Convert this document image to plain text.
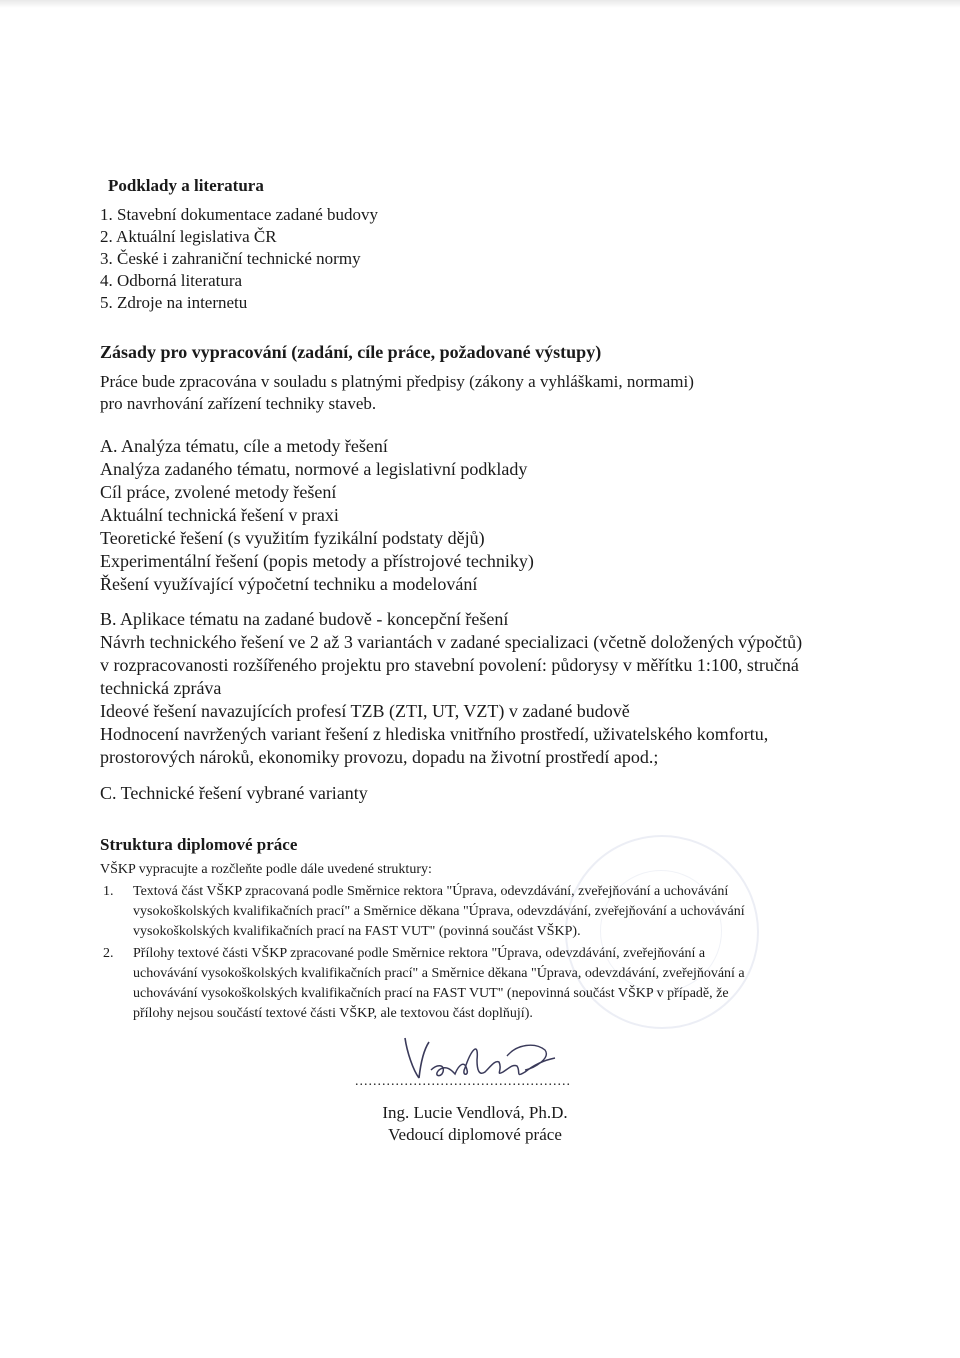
Podklady a literatura
1. Stavební dokumentace zadané budovy
2. Aktuální legislativa ČR
3. České i zahraniční technické normy
4. Odborná literatura
5. Zdroje na internetu
Zásady pro vypracování (zadání, cíle práce, požadované výstupy)
Práce bude zpracována v souladu s platnými předpisy (zákony a vyhláškami, normami)
pro navrhování zařízení techniky staveb.
A. Analýza tématu, cíle a metody řešení
Analýza zadaného tématu, normové a legislativní podklady
Cíl práce, zvolené metody řešení
Aktuální technická řešení v praxi
Teoretické řešení (s využitím fyzikální podstaty dějů)
Experimentální řešení (popis metody a přístrojové techniky)
Řešení využívající výpočetní techniku a modelování
B. Aplikace tématu na zadané budově - koncepční řešení
Návrh technického řešení ve 2 až 3 variantách v zadané specializaci (včetně doložených výpočtů)
v rozpracovanosti rozšířeného projektu pro stavební povolení: půdorysy v měřítku 1:100, stručná
technická zpráva
Ideové řešení navazujících profesí TZB (ZTI, UT, VZT) v zadané budově
Hodnocení navržených variant řešení z hlediska vnitřního prostředí, uživatelského komfortu,
prostorových nároků, ekonomiky provozu, dopadu na životní prostředí apod.;
C. Technické řešení vybrané varianty
Struktura diplomové práce
VŠKP vypracujte a rozčleňte podle dále uvedené struktury:
1. Textová část VŠKP zpracovaná podle Směrnice rektora "Úprava, odevzdávání, zveřejňování a uchovávání
vysokoškolských kvalifikačních prací" a Směrnice děkana "Úprava, odevzdávání, zveřejňování a uchovávání
vysokoškolských kvalifikačních prací na FAST VUT" (povinná součást VŠKP).
2. Přílohy textové části VŠKP zpracované podle Směrnice rektora "Úprava, odevzdávání, zveřejňování a
uchovávání vysokoškolských kvalifikačních prací" a Směrnice děkana "Úprava, odevzdávání, zveřejňování a
uchovávání vysokoškolských kvalifikačních prací na FAST VUT" (nepovinná součást VŠKP v případě, že
přílohy nejsou součástí textové části VŠKP, ale textovou část doplňují).
................................................
Ing. Lucie Vendlová, Ph.D.
Vedoucí diplomové práce
